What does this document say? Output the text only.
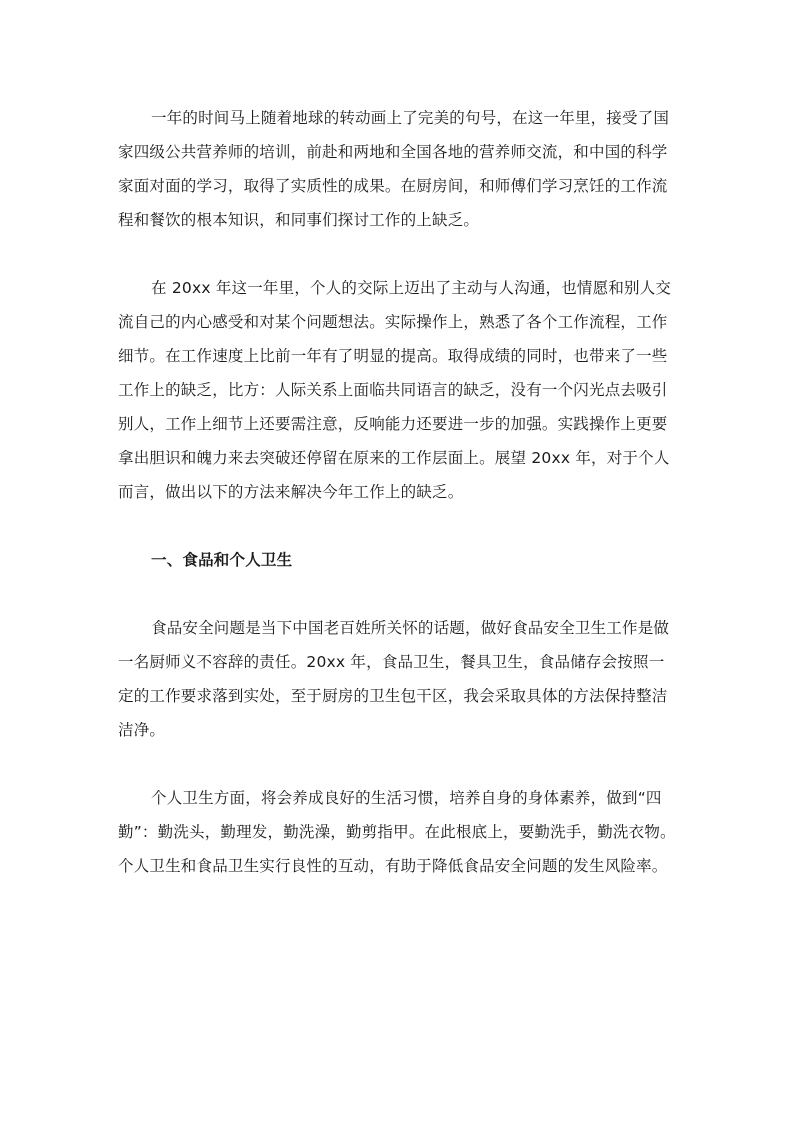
一年的时间马上随着地球的转动画上了完美的句号，在这一年里，接受了国
家四级公共营养师的培训，前赴和两地和全国各地的营养师交流，和中国的科学
家面对面的学习，取得了实质性的成果。在厨房间，和师傅们学习烹饪的工作流
程和餐饮的根本知识，和同事们探讨工作的上缺乏。
在 20xx 年这一年里，个人的交际上迈出了主动与人沟通，也情愿和别人交
流自己的内心感受和对某个问题想法。实际操作上，熟悉了各个工作流程，工作
细节。在工作速度上比前一年有了明显的提高。取得成绩的同时，也带来了一些
工作上的缺乏，比方：人际关系上面临共同语言的缺乏，没有一个闪光点去吸引
别人，工作上细节上还要需注意，反响能力还要进一步的加强。实践操作上更要
拿出胆识和魄力来去突破还停留在原来的工作层面上。展望 20xx 年，对于个人
而言，做出以下的方法来解决今年工作上的缺乏。
一、食品和个人卫生
食品安全问题是当下中国老百姓所关怀的话题，做好食品安全卫生工作是做
一名厨师义不容辞的责任。20xx 年，食品卫生，餐具卫生，食品储存会按照一
定的工作要求落到实处，至于厨房的卫生包干区，我会采取具体的方法保持整洁
洁净。
个人卫生方面，将会养成良好的生活习惯，培养自身的身体素养，做到“四
勤”：勤洗头，勤理发，勤洗澡，勤剪指甲。在此根底上，要勤洗手，勤洗衣物。
个人卫生和食品卫生实行良性的互动，有助于降低食品安全问题的发生风险率。
